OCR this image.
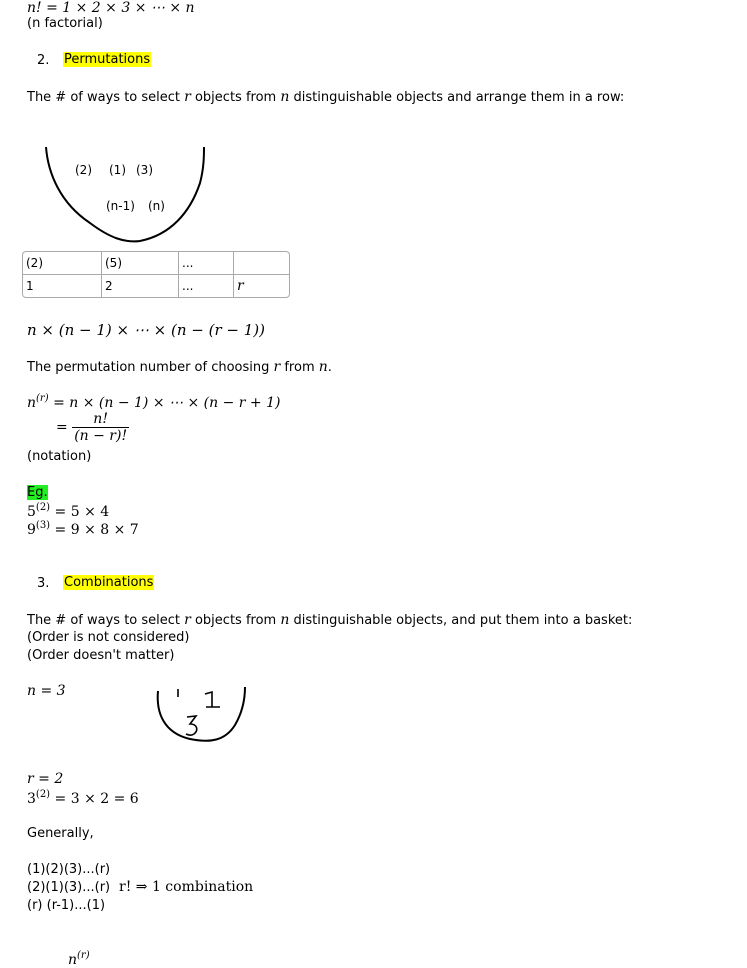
n! = 1 × 2 × 3 × ⋯ × n
(n factorial)
2. Permutations
The # of ways to select r objects from n distinguishable objects and arrange them in a row:
(2) (1) (3)
(n-1) (n)
(2)	(5)	...	
1	2	...	r
n × (n − 1) × ⋯ × (n − (r − 1))
The permutation number of choosing r from n.
$n^{(r)} = n \times (n - 1)$ × ⋯ × (n − r + 1)
= $\frac{n!}{(n - r)!}$
(notation)
Eg.
$5^{(2)} = 5 \times 4$
$9^{(3)} = 9 \times 8 \times 7$
3. Combinations
The # of ways to select r objects from n distinguishable objects, and put them into a basket:
(Order is not considered)
(Order doesn't matter)
n = 3
r = 2
$3^{(2)} = 3 \times 2 = 6$
Generally,
(1)(2)(3)...(r)
(2)(1)(3)...(r)
(r) (r-1)...(1)
r! ⇒ 1 combination
$n^{(r)}$
